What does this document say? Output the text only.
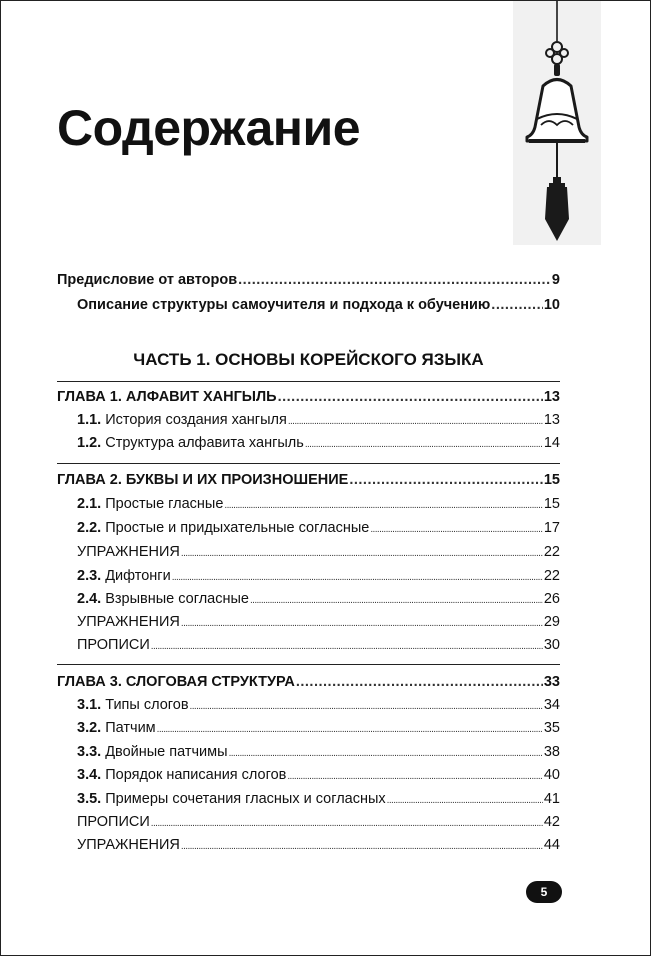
Содержание
Предисловие от авторов .....	9
Описание структуры самоучителя и подхода к обучению .....	10
ЧАСТЬ 1. ОСНОВЫ КОРЕЙСКОГО ЯЗЫКА
ГЛАВА 1. АЛФАВИТ ХАНГЫЛЬ .....	13
1.1. История создания хангыля .....	13
1.2. Структура алфавита хангыль .....	14
ГЛАВА 2. БУКВЫ И ИХ ПРОИЗНОШЕНИЕ .....	15
2.1. Простые гласные .....	15
2.2. Простые и придыхательные согласные .....	17
УПРАЖНЕНИЯ .....	22
2.3. Дифтонги .....	22
2.4. Взрывные согласные .....	26
УПРАЖНЕНИЯ .....	29
ПРОПИСИ .....	30
ГЛАВА 3. СЛОГОВАЯ СТРУКТУРА .....	33
3.1. Типы слогов .....	34
3.2. Патчим .....	35
3.3. Двойные патчимы .....	38
3.4. Порядок написания слогов .....	40
3.5. Примеры сочетания гласных и согласных .....	41
ПРОПИСИ .....	42
УПРАЖНЕНИЯ .....	44
5
